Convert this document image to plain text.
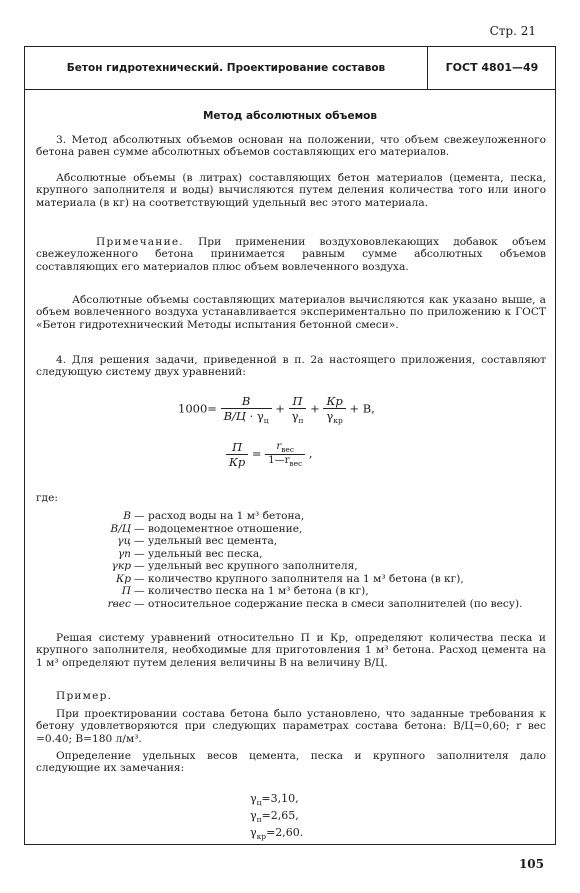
Стр. 21
Бетон гидротехнический. Проектирование составов	ГОСТ 4801—49
Метод абсолютных объемов
3. Метод абсолютных объемов основан на положении, что объем свежеуложенного бетона равен сумме абсолютных объемов составляющих его материалов.
Абсолютные объемы (в литрах) составляющих бетон материалов (цемента, песка, крупного заполнителя и воды) вычисляются путем деления количества того или иного материала (в кг) на соответствующий удельный вес этого материала.
Примечание. При применении воздухововлекающих добавок объем свежеуложенного бетона принимается равным сумме абсолютных объемов составляющих его материалов плюс объем вовлеченного воздуха.
Абсолютные объемы составляющих материалов вычисляются как указано выше, а объем вовлеченного воздуха устанавливается экспериментально по приложению к ГОСТ «Бетон гидротехнический Методы испытания бетонной смеси».
4. Для решения задачи, приведенной в п. 2а настоящего приложения, составляют следующую систему двух уравнений:
$1000= \frac{B}{B/Ц \cdot \gamma_ц} + \frac{П}{\gamma_п} + \frac{Кр}{\gamma_{кр}} + B$,
$\frac{П}{Кр} = \frac{r_{вес}}{1—r_{вес}}$ ,
где:
B — расход воды на 1 м³ бетона,
B/Ц — водоцементное отношение,
γц — удельный вес цемента,
γп — удельный вес песка,
γкр — удельный вес крупного заполнителя,
Кр — количество крупного заполнителя на 1 м³ бетона (в кг),
П — количество песка на 1 м³ бетона (в кг),
rвес — относительное содержание песка в смеси заполнителей (по весу).
Решая систему уравнений относительно П и Кр, определяют количества песка и крупного заполнителя, необходимые для приготовления 1 м³ бетона. Расход цемента на 1 м³ определяют путем деления величины B на величину В/Ц.
Пример.
При проектировании состава бетона было установлено, что заданные требования к бетону удовлетворяются при следующих параметрах состава бетона: В/Ц=0,60; r вес =0.40; B=180 л/м³.
Определение удельных весов цемента, песка и крупного заполнителя дало следующие их замечания:
$\gamma_ц=3,10$,
$\gamma_п=2,65$,
$\gamma_{кр}=2,60$.
105
